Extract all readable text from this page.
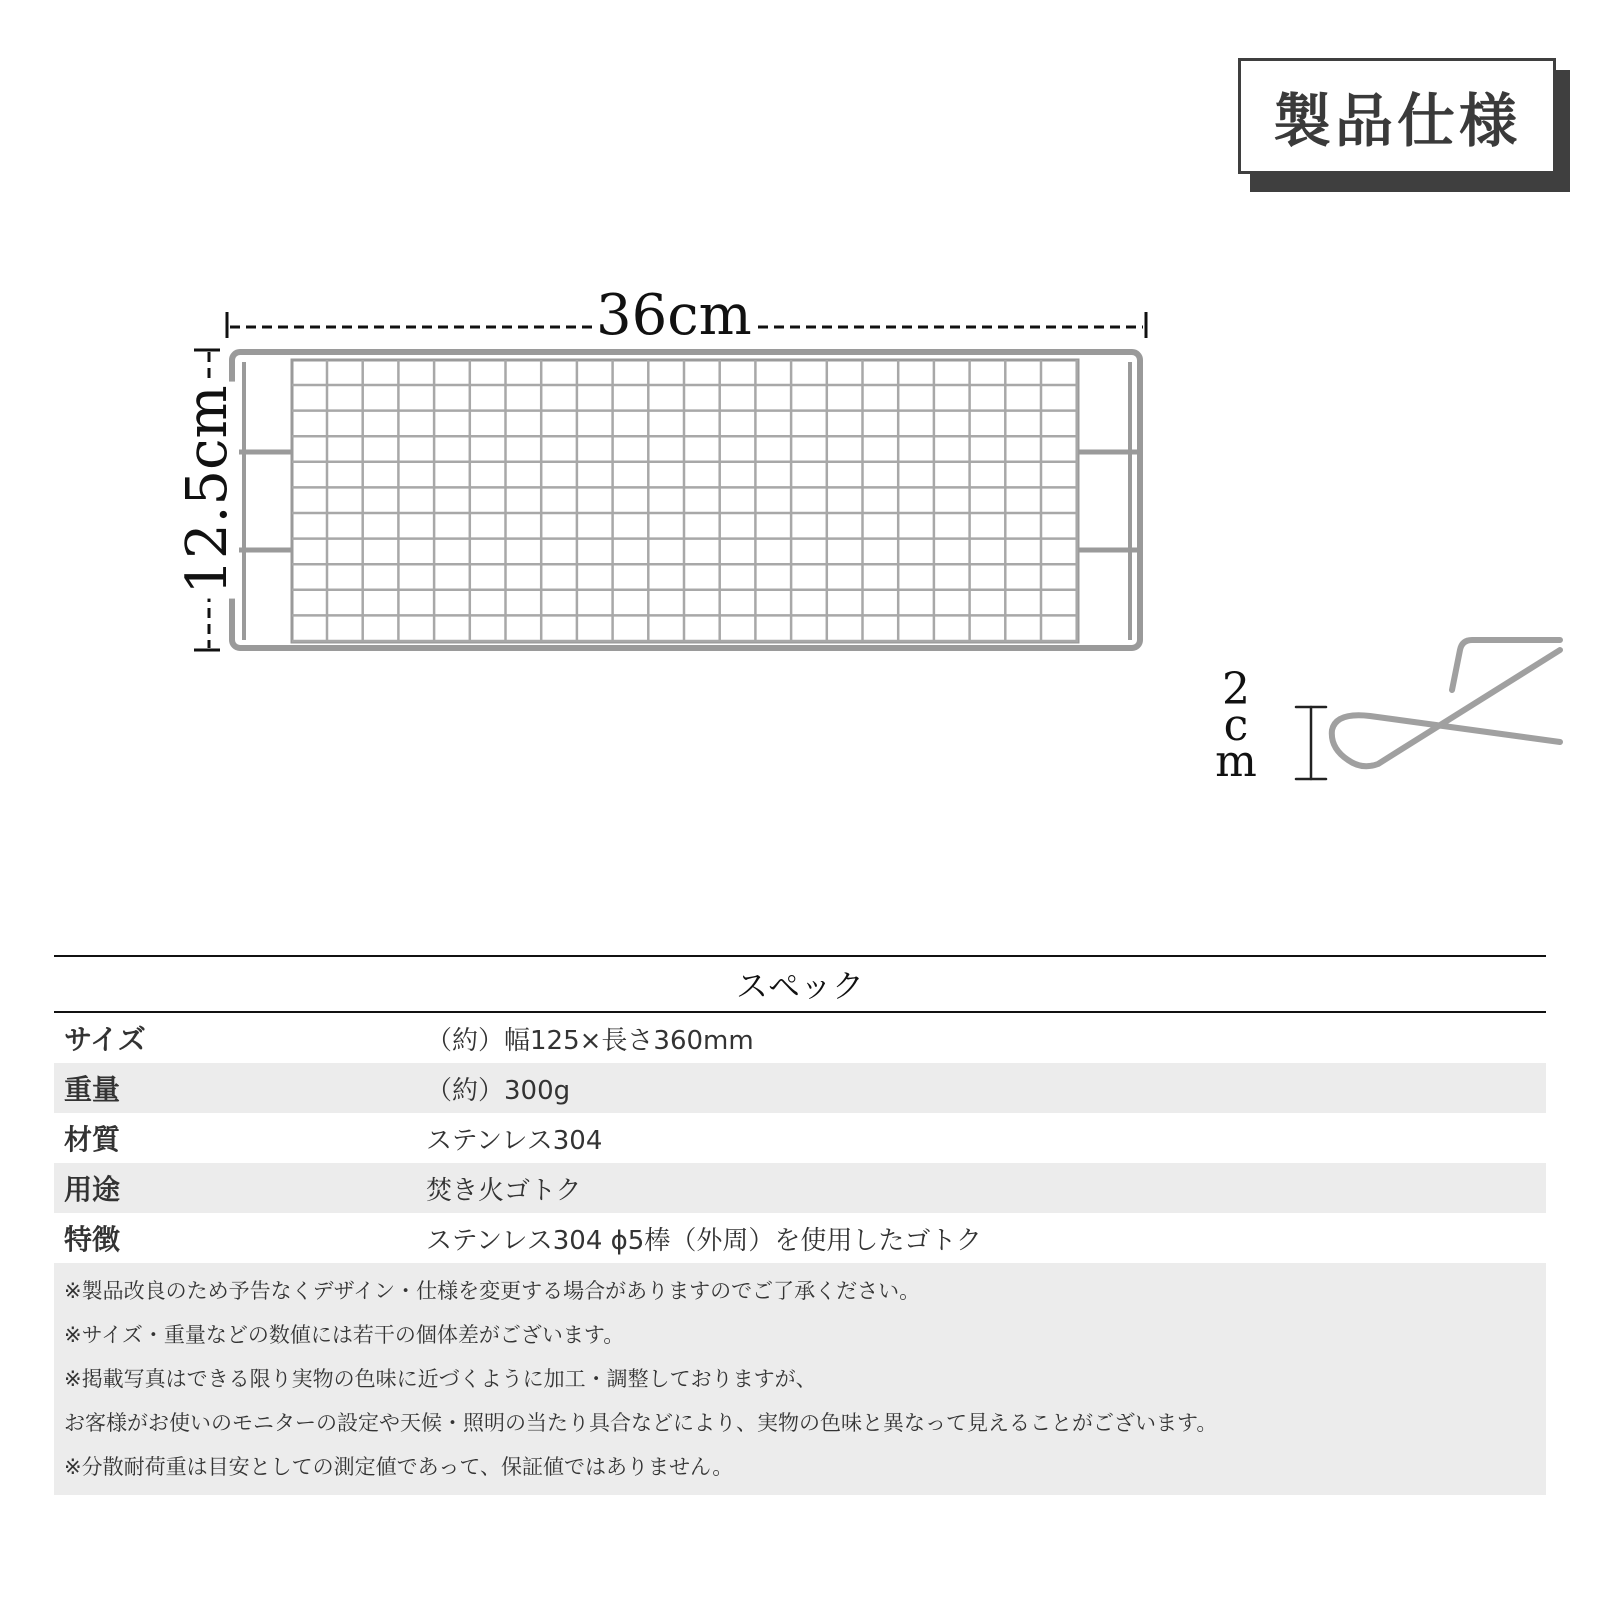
製品仕様
36cm
12.5cm
2
c
m
スペック
サイズ	（約）幅125×長さ360mm
重量	（約）300g
材質	ステンレス304
用途	焚き火ゴトク
特徴	ステンレス304 ɸ5棒（外周）を使用したゴトク
※製品改良のため予告なくデザイン・仕様を変更する場合がありますのでご了承ください。
※サイズ・重量などの数値には若干の個体差がございます。
※掲載写真はできる限り実物の色味に近づくように加工・調整しておりますが、
お客様がお使いのモニターの設定や天候・照明の当たり具合などにより、実物の色味と異なって見えることがございます。
※分散耐荷重は目安としての測定値であって、保証値ではありません。
